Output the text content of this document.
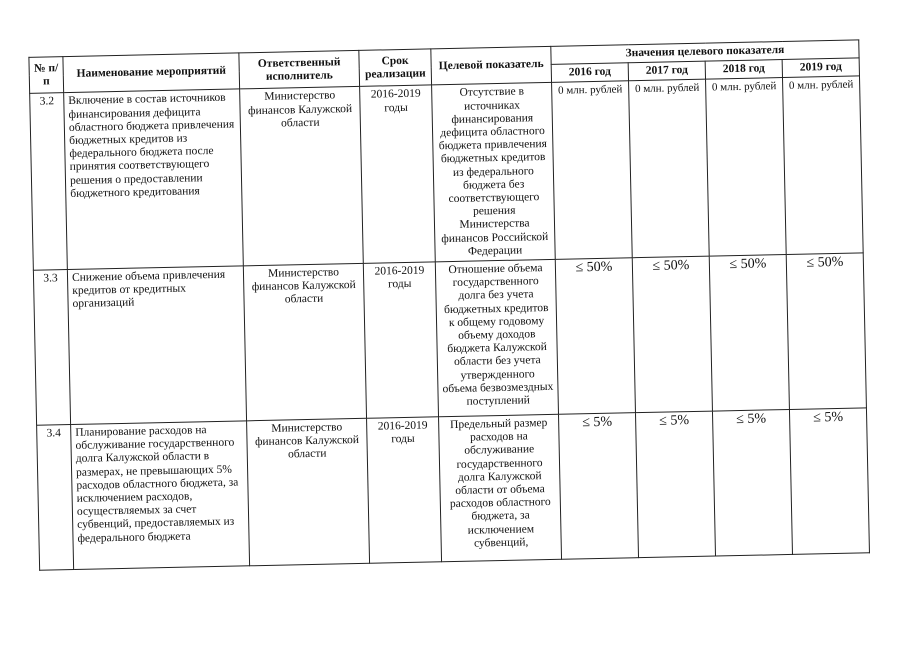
№ п/п	Наименование мероприятий	Ответственный исполнитель	Срок реализации	Целевой показатель	Значения целевого показателя			
					2016 год	2017 год	2018 год	2019 год
3.2	Включение в состав источников финансирования дефицита областного бюджета привлечения бюджетных кредитов из федерального бюджета после принятия соответствующего решения о предоставлении бюджетного кредитования	Министерство финансов Калужской области	2016-2019 годы	Отсутствие в источниках финансирования дефицита областного бюджета привлечения бюджетных кредитов из федерального бюджета без соответствующего решения Министерства финансов Российской Федерации	0 млн. рублей	0 млн. рублей	0 млн. рублей	0 млн. рублей
3.3	Снижение объема привлечения кредитов от кредитных организаций	Министерство финансов Калужской области	2016-2019 годы	Отношение объема государственного долга без учета бюджетных кредитов к общему годовому объему доходов бюджета Калужской области без учета утвержденного объема безвозмездных поступлений	≤ 50%	≤ 50%	≤ 50%	≤ 50%
3.4	Планирование расходов на обслуживание государственного долга Калужской области в размерах, не превышающих 5% расходов областного бюджета, за исключением расходов, осуществляемых за счет субвенций, предоставляемых из федерального бюджета	Министерство финансов Калужской области	2016-2019 годы	Предельный размер расходов на обслуживание государственного долга Калужской области от объема расходов областного бюджета, за исключением субвенций,	≤ 5%	≤ 5%	≤ 5%	≤ 5%
